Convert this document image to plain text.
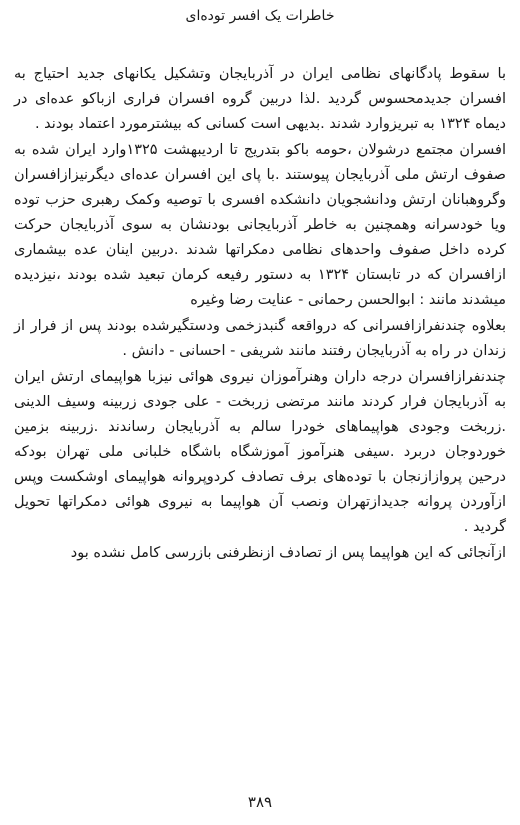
خاطرات یک افسر توده‌ای

با سقوط پادگانهای نظامی ایران در آذربایجان وتشکیل یکانهای جدید احتیاج به افسران جدیدمحسوس گردید .لذا دربین گروه افسران فراری ازباکو عده‌ای در دیماه ۱۳۲۴ به تبریزوارد شدند .بدیهی است کسانی که بیشترمورد اعتماد بودند .

افسران مجتمع درشولان ،حومه باکو بتدریج تا اردیبهشت ۱۳۲۵وارد ایران شده به صفوف ارتش ملی آذربایجان پیوستند .با پای این افسران عده‌ای دیگرنیزازافسران وگروهبانان ارتش ودانشجویان دانشکده افسری با توصیه وکمک رهبری حزب توده ویا خودسرانه وهمچنین به خاطر آذربایجانی بودنشان به سوی آذربایجان حرکت کرده داخل صفوف واحدهای نظامی دمکراتها شدند .دربین اینان عده بیشماری ازافسران که در تابستان ۱۳۲۴ به دستور رفیعه کرمان تبعید شده بودند ،نیزدیده میشدند مانند : ابوالحسن رحمانی - عنایت رضا وغیره

بعلاوه چندنفرازافسرانی که درواقعه گنبدزخمی ودستگیرشده بودند پس از فرار از زندان در راه به آذربایجان رفتند مانند شریفی - احسانی - دانش .

چندنفرازافسران درجه داران وهنرآموزان نیروی هوائی نیزبا هواپیمای ارتش ایران به آذربایجان فرار کردند مانند مرتضی زربخت - علی جودی زربینه وسیف الدینی .زربخت وجودی هواپیماهای خودرا سالم به آذربایجان رساندند .زربینه بزمین خوردوجان دربرد .سیفی هنرآموز آموزشگاه باشگاه خلبانی ملی تهران بودکه درحین پروازازنجان با توده‌های برف تصادف کردوپروانه هواپیمای اوشکست وپس ازآوردن پروانه جدیدازتهران ونصب آن هواپیما به نیروی هوائی دمکراتها تحویل گردید .

ازآنجائی که این هواپیما پس از تصادف ازنظرفنی بازرسی کامل نشده بود

۳۸۹
